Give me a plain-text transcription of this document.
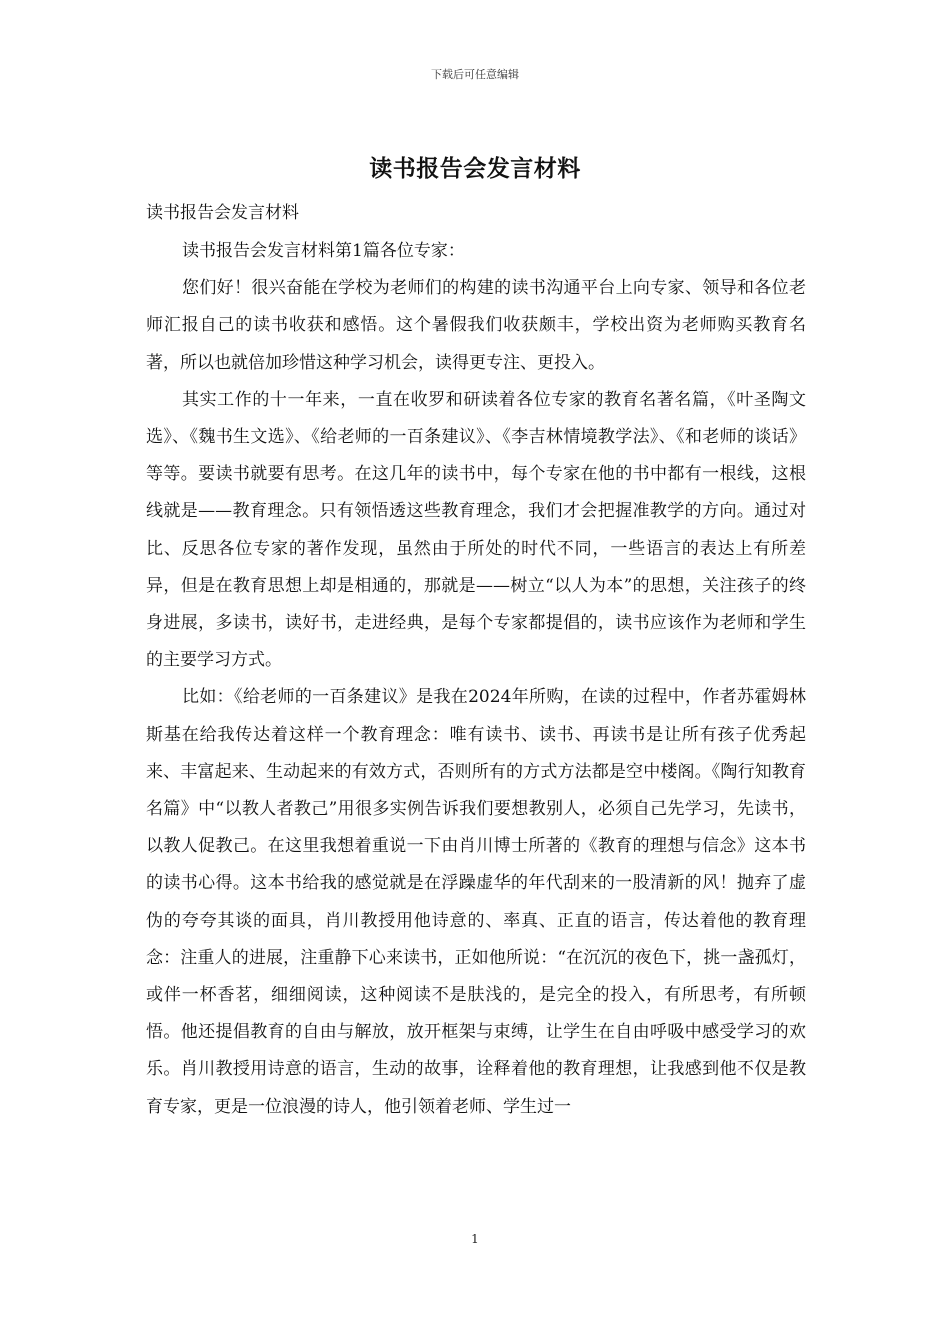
下载后可任意编辑
读书报告会发言材料
读书报告会发言材料

读书报告会发言材料第1篇各位专家：

您们好！很兴奋能在学校为老师们的构建的读书沟通平台上向专家、领导和各位老师汇报自己的读书收获和感悟。这个暑假我们收获颇丰，学校出资为老师购买教育名著，所以也就倍加珍惜这种学习机会，读得更专注、更投入。

其实工作的十一年来，一直在收罗和研读着各位专家的教育名著名篇，《叶圣陶文选》、《魏书生文选》、《给老师的一百条建议》、《李吉林情境教学法》、《和老师的谈话》等等。要读书就要有思考。在这几年的读书中，每个专家在他的书中都有一根线，这根线就是——教育理念。只有领悟透这些教育理念，我们才会把握准教学的方向。通过对比、反思各位专家的著作发现，虽然由于所处的时代不同，一些语言的表达上有所差异，但是在教育思想上却是相通的，那就是——树立“以人为本”的思想，关注孩子的终身进展，多读书，读好书，走进经典，是每个专家都提倡的，读书应该作为老师和学生的主要学习方式。

比如：《给老师的一百条建议》是我在2024年所购，在读的过程中，作者苏霍姆林斯基在给我传达着这样一个教育理念：唯有读书、读书、再读书是让所有孩子优秀起来、丰富起来、生动起来的有效方式，否则所有的方式方法都是空中楼阁。《陶行知教育名篇》中“以教人者教己”用很多实例告诉我们要想教别人，必须自己先学习，先读书，以教人促教己。在这里我想着重说一下由肖川博士所著的《教育的理想与信念》这本书的读书心得。这本书给我的感觉就是在浮躁虚华的年代刮来的一股清新的风！抛弃了虚伪的夸夸其谈的面具，肖川教授用他诗意的、率真、正直的语言，传达着他的教育理念：注重人的进展，注重静下心来读书，正如他所说：“在沉沉的夜色下，挑一盏孤灯，或伴一杯香茗，细细阅读，这种阅读不是肤浅的，是完全的投入，有所思考，有所顿悟。他还提倡教育的自由与解放，放开框架与束缚，让学生在自由呼吸中感受学习的欢乐。肖川教授用诗意的语言，生动的故事，诠释着他的教育理想，让我感到他不仅是教育专家，更是一位浪漫的诗人，他引领着老师、学生过一

1
